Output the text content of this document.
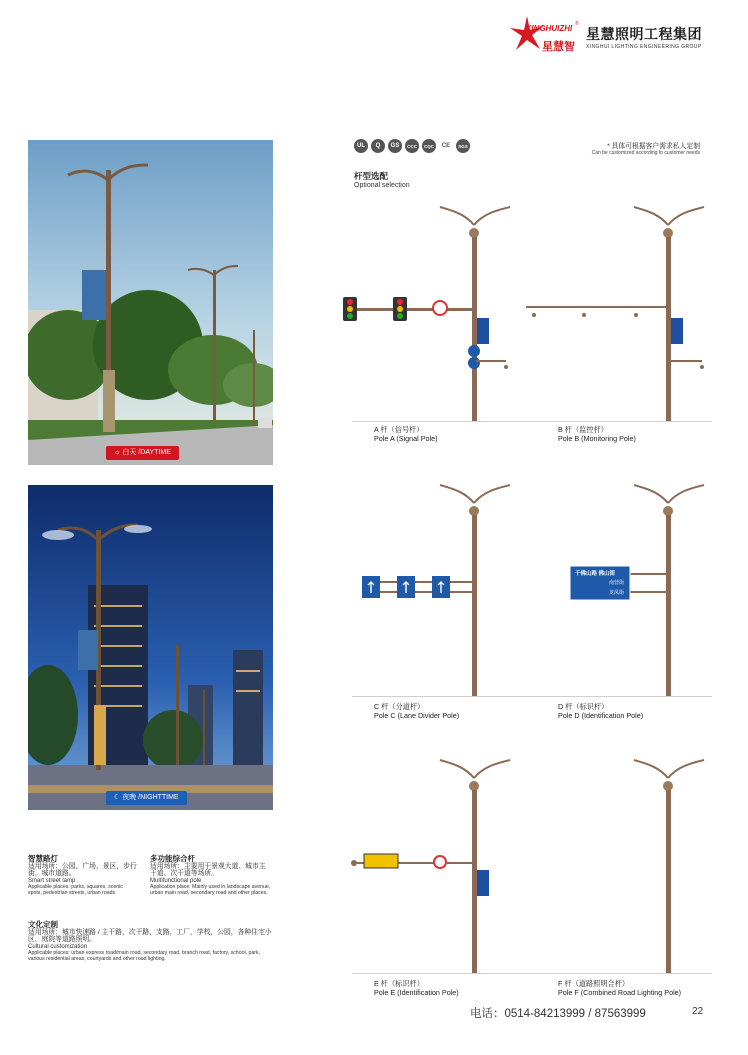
XINGHUIZHI ®
星慧智
星慧照明工程集团
XINGHUI LIGHTING ENGINEERING GROUP
☼ 白天 /DAYTIME
☾ 夜晚 /NIGHTTIME
智慧路灯
适用场所：公园，广场，景区，步行街，城市道路。
Smart street lamp
Applicable places: parks, squares, scenic spots, pedestrian streets, urban roads.
多功能综合杆
适用场所：主要用于景观大道、城市主干道、次干道等场所。
Multifunctional pole
Application place: Mainly used in landscape avenue, urban main road, secondary road and other places.
文化定制
适用场所：城市快速路 / 主干路，次干路，支路，工厂，学校，公园，各种住宅小区，庭院等道路照明。
Cultural customization
Applicable places: urban express road/main road, secondary road, branch road, factory, school, park, various residential areas, courtyards and other road lighting.
UL	Q	GS	CCC	CQC	CE	SGS	* 具体可根据客户需求私人定制
Can be customized according to customer needs
杆型选配
Optional selection
A 杆（信号杆）
Pole A (Signal Pole)
B 杆（监控杆）
Pole B (Monitoring Pole)
C 杆（分道杆）
Pole C (Lane Divider Pole)
千佛山路 佛山街
南营街
龙凤街
D 杆（标识杆）
Pole D (Identification Pole)
E 杆（标识杆）
Pole E (Identification Pole)
F 杆（道路照明合杆）
Pole F (Combined Road Lighting Pole)
电话：0514-84213999 / 87563999	22
